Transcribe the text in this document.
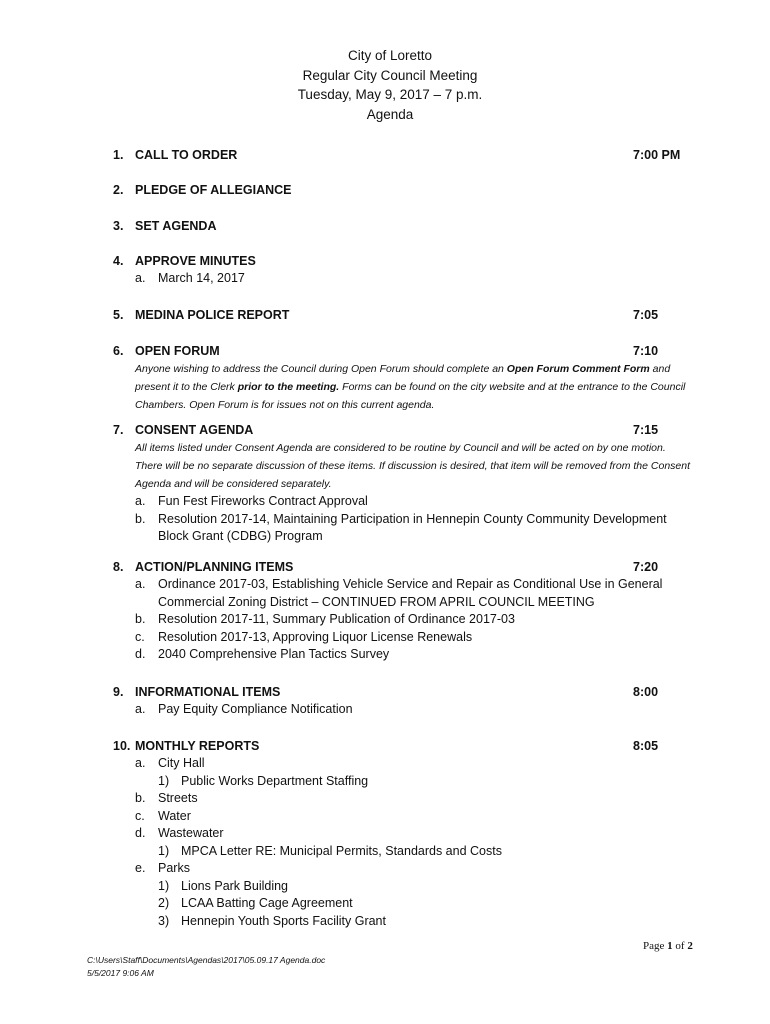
City of Loretto
Regular City Council Meeting
Tuesday, May 9, 2017 – 7 p.m.
Agenda
1. CALL TO ORDER	7:00 PM
2. PLEDGE OF ALLEGIANCE
3. SET AGENDA
4. APPROVE MINUTES
a. March 14, 2017
5. MEDINA POLICE REPORT	7:05
6. OPEN FORUM	7:10
Anyone wishing to address the Council during Open Forum should complete an Open Forum Comment Form and present it to the Clerk prior to the meeting. Forms can be found on the city website and at the entrance to the Council Chambers. Open Forum is for issues not on this current agenda.
7. CONSENT AGENDA	7:15
All items listed under Consent Agenda are considered to be routine by Council and will be acted on by one motion. There will be no separate discussion of these items. If discussion is desired, that item will be removed from the Consent Agenda and will be considered separately.
a. Fun Fest Fireworks Contract Approval
b. Resolution 2017-14, Maintaining Participation in Hennepin County Community Development Block Grant (CDBG) Program
8. ACTION/PLANNING ITEMS	7:20
a. Ordinance 2017-03, Establishing Vehicle Service and Repair as Conditional Use in General Commercial Zoning District – CONTINUED FROM APRIL COUNCIL MEETING
b. Resolution 2017-11, Summary Publication of Ordinance 2017-03
c. Resolution 2017-13, Approving Liquor License Renewals
d. 2040 Comprehensive Plan Tactics Survey
9. INFORMATIONAL ITEMS	8:00
a. Pay Equity Compliance Notification
10. MONTHLY REPORTS	8:05
a. City Hall
1) Public Works Department Staffing
b. Streets
c. Water
d. Wastewater
1) MPCA Letter RE: Municipal Permits, Standards and Costs
e. Parks
1) Lions Park Building
2) LCAA Batting Cage Agreement
3) Hennepin Youth Sports Facility Grant
Page 1 of 2
C:\Users\Staff\Documents\Agendas\2017\05.09.17 Agenda.doc
5/5/2017 9:06 AM
